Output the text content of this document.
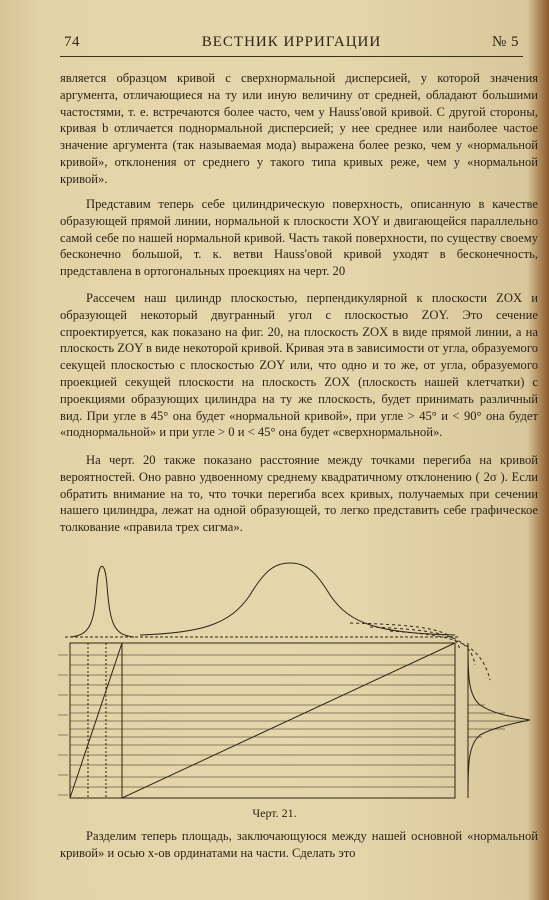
74	ВЕСТНИК ИРРИГАЦИИ	№ 5

является образцом кривой с сверхнормальной дисперсией, у которой значения аргумента, отличающиеся на ту или иную величину от средней, обладают большими частостями, т. е. встречаются более часто, чем у Hauss'овой кривой. С другой стороны, кривая b отличается поднормальной дисперсией; у нее среднее или наиболее частое значение аргумента (так называемая мода) выражена более резко, чем у «нормальной кривой», отклонения от среднего у такого типа кривых реже, чем у «нормальной кривой».

Представим теперь себе цилиндрическую поверхность, описанную в качестве образующей прямой линии, нормальной к плоскости XOY и двигающейся параллельно самой себе по нашей нормальной кривой. Часть такой поверхности, по существу своему бесконечно большой, т. к. ветви Hauss'овой кривой уходят в бесконечность, представлена в ортогональных проекциях на черт. 20

Рассечем наш цилиндр плоскостью, перпендикулярной к плоскости ZOX и образующей некоторый двугранный угол с плоскостью ZOY. Это сечение спроектируется, как показано на фиг. 20, на плоскость ZOX в виде прямой линии, а на плоскость ZOY в виде некоторой кривой. Кривая эта в зависимости от угла, образуемого секущей плоскостью с плоскостью ZOY или, что одно и то же, от угла, образуемого проекцией секущей плоскости на плоскость ZOX (плоскость нашей клетчатки) с проекциями образующих цилиндра на ту же плоскость, будет принимать различный вид. При угле в 45° она будет «нормальной кривой», при угле > 45° и < 90° она будет «поднормальной» и при угле > 0 и < 45° она будет «сверхнормальной».

На черт. 20 также показано расстояние между точками перегиба на кривой вероятностей. Оно равно удвоенному среднему квадратичному отклонению ( 2σ ). Если обратить внимание на то, что точки перегиба всех кривых, получаемых при сечении нашего цилиндра, лежат на одной образующей, то легко представить себе графическое толкование «правила трех сигма».

Черт. 21.

Разделим теперь площадь, заключающуюся между нашей основной «нормальной кривой» и осью x-ов ординатами на части. Сделать это
